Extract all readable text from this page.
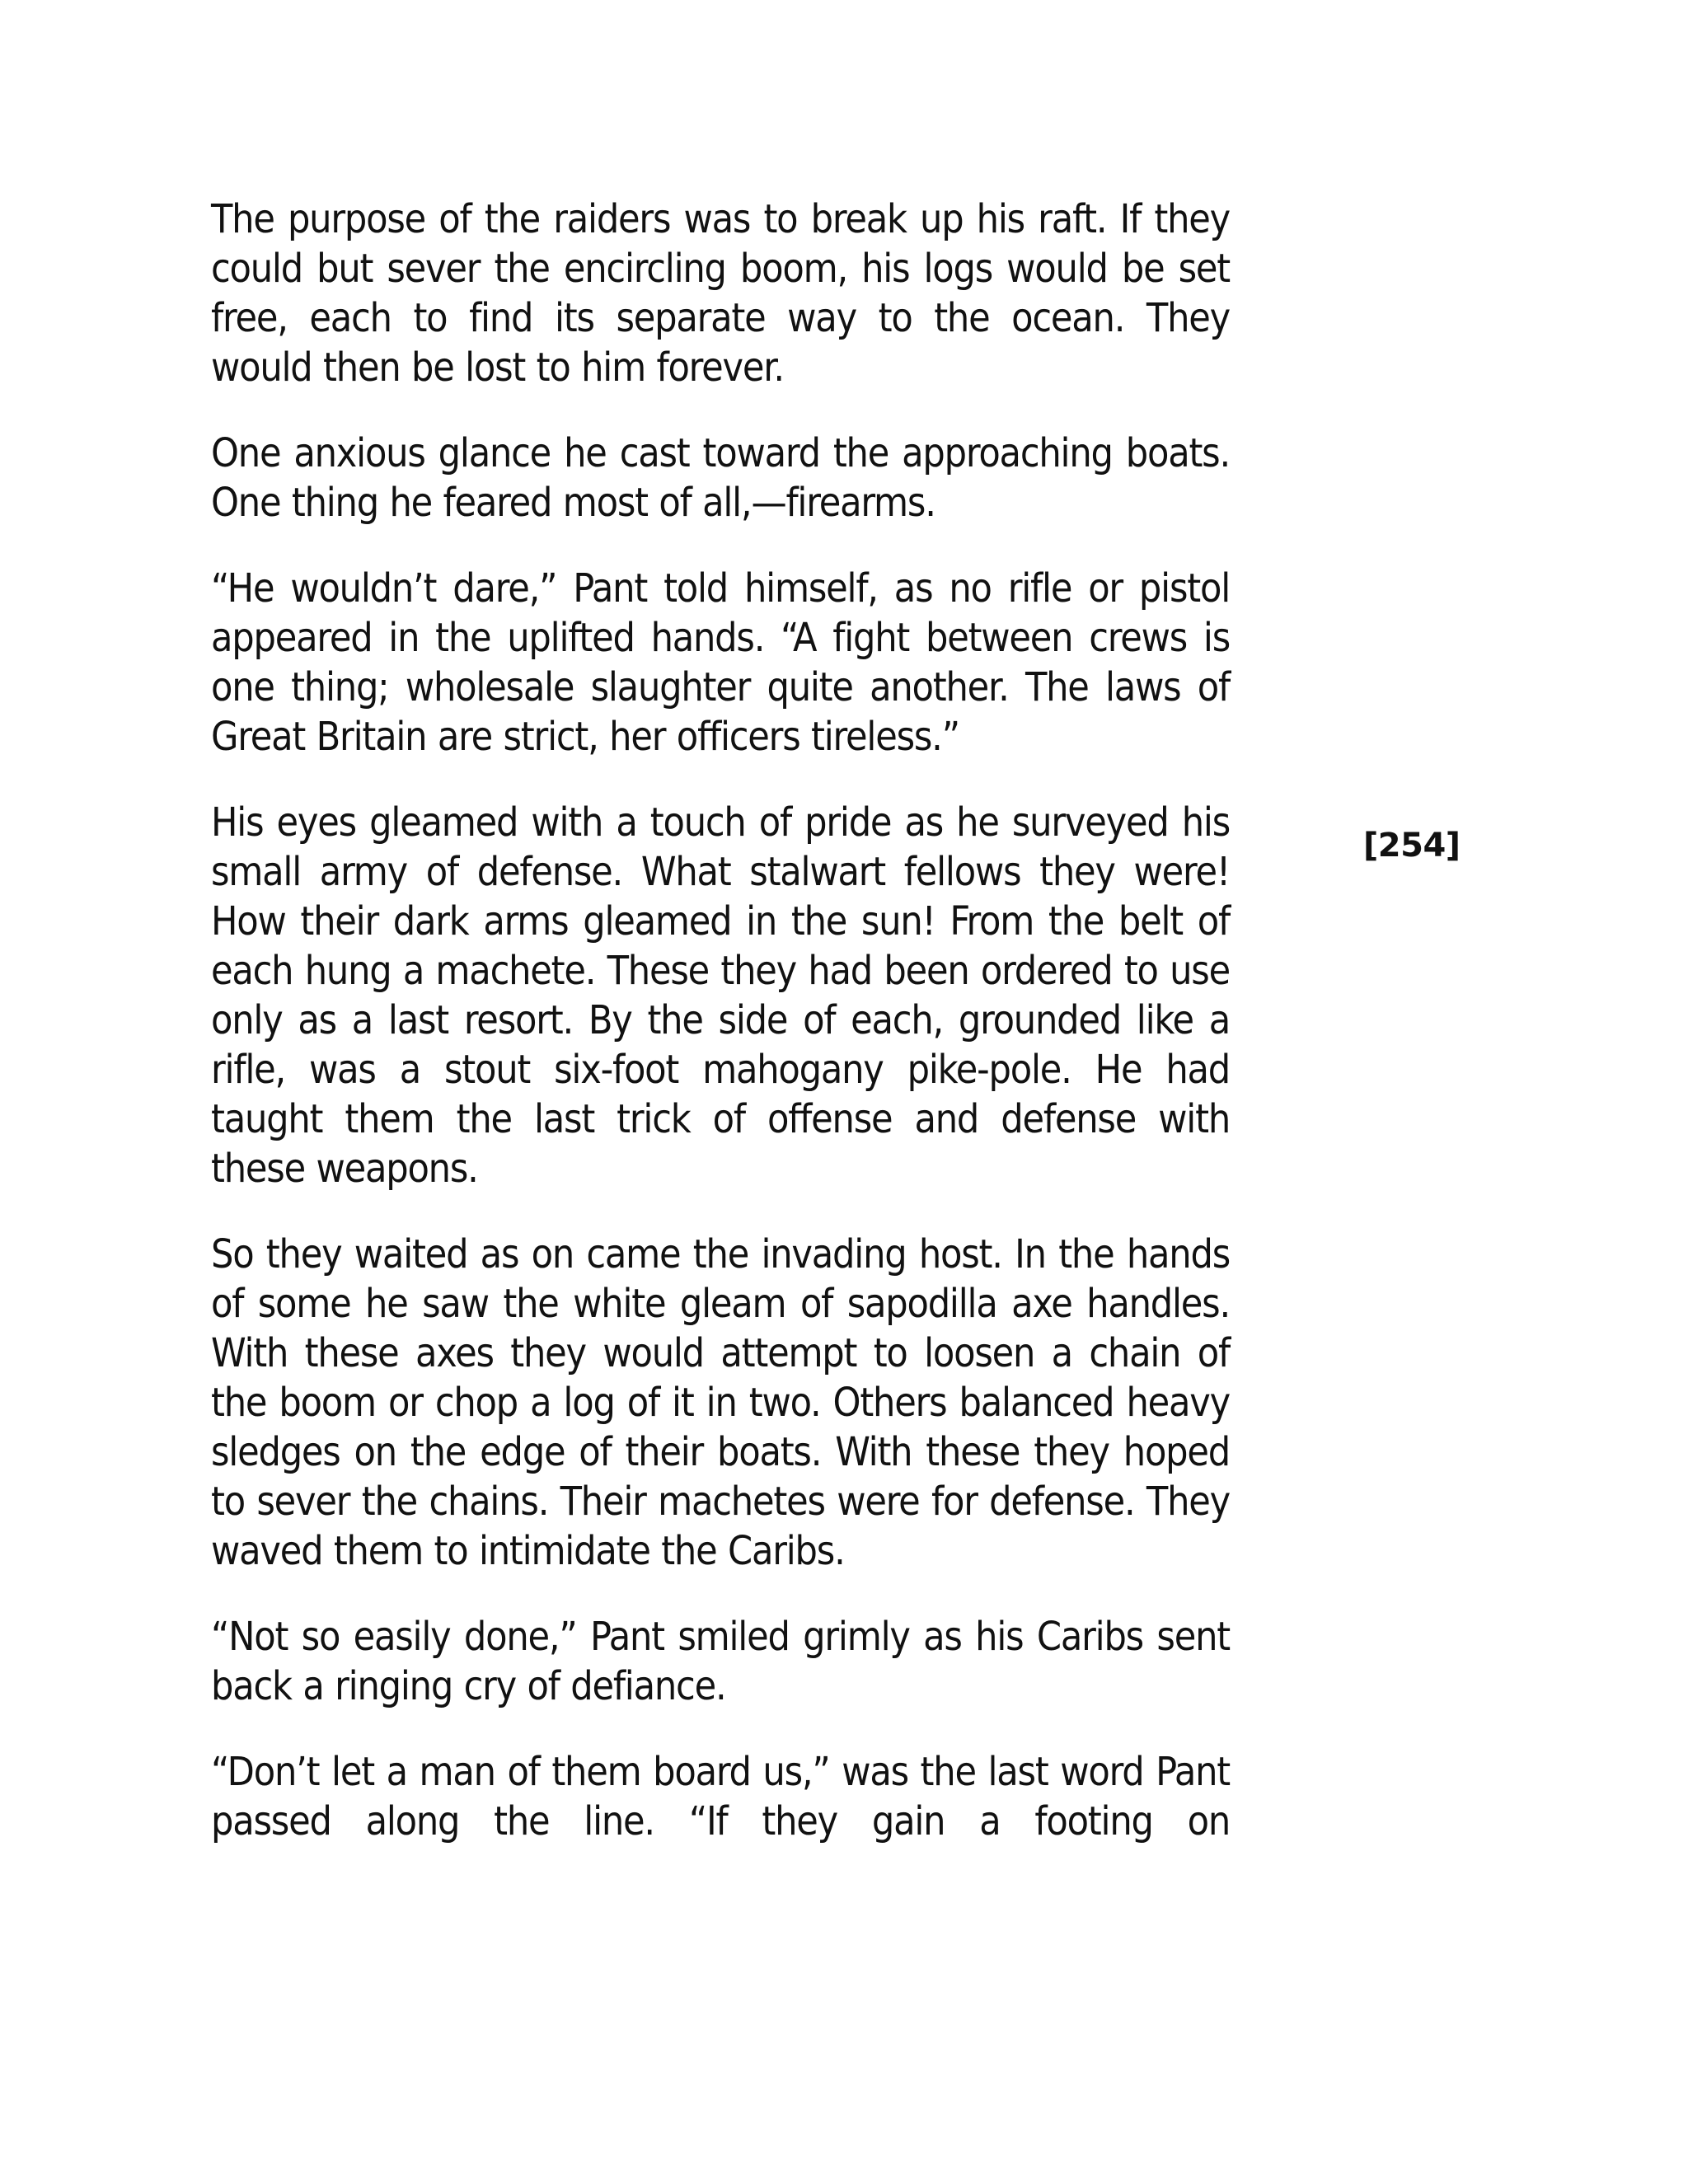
The purpose of the raiders was to break up his raft. If they could but sever the encircling boom, his logs would be set free, each to find its separate way to the ocean. They would then be lost to him forever.

One anxious glance he cast toward the approaching boats. One thing he feared most of all,—firearms.

“He wouldn’t dare,” Pant told himself, as no rifle or pistol appeared in the uplifted hands. “A fight between crews is one thing; wholesale slaughter quite another. The laws of Great Britain are strict, her officers tireless.”

His eyes gleamed with a touch of pride as he surveyed his small army of defense. What stalwart fellows they were! How their dark arms gleamed in the sun! From the belt of each hung a machete. These they had been ordered to use only as a last resort. By the side of each, grounded like a rifle, was a stout six-foot mahogany pike-pole. He had taught them the last trick of offense and defense with these weapons.

So they waited as on came the invading host. In the hands of some he saw the white gleam of sapodilla axe handles. With these axes they would attempt to loosen a chain of the boom or chop a log of it in two. Others balanced heavy sledges on the edge of their boats. With these they hoped to sever the chains. Their machetes were for defense. They waved them to intimidate the Caribs.

“Not so easily done,” Pant smiled grimly as his Caribs sent back a ringing cry of defiance.

“Don’t let a man of them board us,” was the last word Pant passed along the line. “If they gain a footing on

[254]
